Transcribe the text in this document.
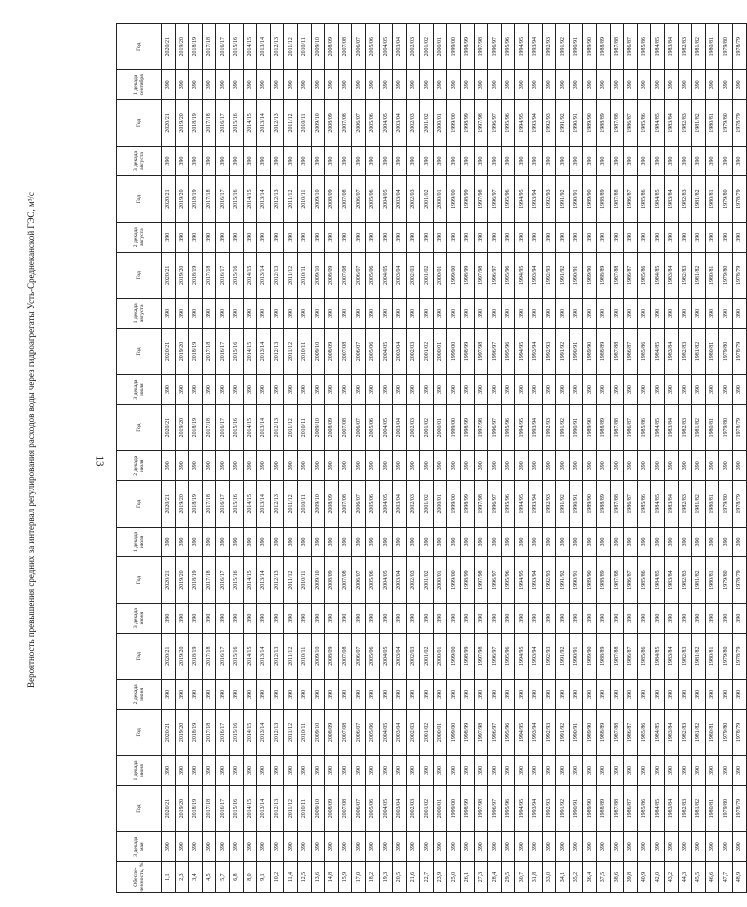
13
Вероятность превышения средних за интервал регулирования расходов воды через гидроагрегаты Усть-Среднеканской ГЭС, м³/с
Обеспе-ченность, %	3 декада мая	Год	1 декада июня	Год	2 декада июня	Год	3 декада июня	Год	1 декада июля	Год	2 декада июля	Год	3 декада июля	Год	1 декада августа	Год	2 декада августа	Год	3 декада августа	Год	1 декада сентября	Год
1,1	390	2020/21	390	2020/21	390	2020/21	390	2020/21	390	2020/21	390	2020/21	390	2020/21	390	2020/21	390	2020/21	390	2020/21	390	2020/21
2,3	390	2019/20	390	2019/20	390	2019/20	390	2019/20	390	2019/20	390	2019/20	390	2019/20	390	2019/20	390	2019/20	390	2019/20	390	2019/20
3,4	390	2018/19	390	2018/19	390	2018/19	390	2018/19	390	2018/19	390	2018/19	390	2018/19	390	2018/19	390	2018/19	390	2018/19	390	2018/19
4,5	390	2017/18	390	2017/18	390	2017/18	390	2017/18	390	2017/18	390	2017/18	390	2017/18	390	2017/18	390	2017/18	390	2017/18	390	2017/18
5,7	390	2016/17	390	2016/17	390	2016/17	390	2016/17	390	2016/17	390	2016/17	390	2016/17	390	2016/17	390	2016/17	390	2016/17	390	2016/17
6,8	390	2015/16	390	2015/16	390	2015/16	390	2015/16	390	2015/16	390	2015/16	390	2015/16	390	2015/16	390	2015/16	390	2015/16	390	2015/16
8,0	390	2014/15	390	2014/15	390	2014/15	390	2014/15	390	2014/15	390	2014/15	390	2014/15	390	2014/15	390	2014/15	390	2014/15	390	2014/15
9,1	390	2013/14	390	2013/14	390	2013/14	390	2013/14	390	2013/14	390	2013/14	390	2013/14	390	2013/14	390	2013/14	390	2013/14	390	2013/14
10,2	390	2012/13	390	2012/13	390	2012/13	390	2012/13	390	2012/13	390	2012/13	390	2012/13	390	2012/13	390	2012/13	390	2012/13	390	2012/13
11,4	390	2011/12	390	2011/12	390	2011/12	390	2011/12	390	2011/12	390	2011/12	390	2011/12	390	2011/12	390	2011/12	390	2011/12	390	2011/12
12,5	390	2010/11	390	2010/11	390	2010/11	390	2010/11	390	2010/11	390	2010/11	390	2010/11	390	2010/11	390	2010/11	390	2010/11	390	2010/11
13,6	390	2009/10	390	2009/10	390	2009/10	390	2009/10	390	2009/10	390	2009/10	390	2009/10	390	2009/10	390	2009/10	390	2009/10	390	2009/10
14,8	390	2008/09	390	2008/09	390	2008/09	390	2008/09	390	2008/09	390	2008/09	390	2008/09	390	2008/09	390	2008/09	390	2008/09	390	2008/09
15,9	390	2007/08	390	2007/08	390	2007/08	390	2007/08	390	2007/08	390	2007/08	390	2007/08	390	2007/08	390	2007/08	390	2007/08	390	2007/08
17,0	390	2006/07	390	2006/07	390	2006/07	390	2006/07	390	2006/07	390	2006/07	390	2006/07	390	2006/07	390	2006/07	390	2006/07	390	2006/07
18,2	390	2005/06	390	2005/06	390	2005/06	390	2005/06	390	2005/06	390	2005/06	390	2005/06	390	2005/06	390	2005/06	390	2005/06	390	2005/06
19,3	390	2004/05	390	2004/05	390	2004/05	390	2004/05	390	2004/05	390	2004/05	390	2004/05	390	2004/05	390	2004/05	390	2004/05	390	2004/05
20,5	390	2003/04	390	2003/04	390	2003/04	390	2003/04	390	2003/04	390	2003/04	390	2003/04	390	2003/04	390	2003/04	390	2003/04	390	2003/04
21,6	390	2002/03	390	2002/03	390	2002/03	390	2002/03	390	2002/03	390	2002/03	390	2002/03	390	2002/03	390	2002/03	390	2002/03	390	2002/03
22,7	390	2001/02	390	2001/02	390	2001/02	390	2001/02	390	2001/02	390	2001/02	390	2001/02	390	2001/02	390	2001/02	390	2001/02	390	2001/02
23,9	390	2000/01	390	2000/01	390	2000/01	390	2000/01	390	2000/01	390	2000/01	390	2000/01	390	2000/01	390	2000/01	390	2000/01	390	2000/01
25,0	390	1999/00	390	1999/00	390	1999/00	390	1999/00	390	1999/00	390	1999/00	390	1999/00	390	1999/00	390	1999/00	390	1999/00	390	1999/00
26,1	390	1998/99	390	1998/99	390	1998/99	390	1998/99	390	1998/99	390	1998/99	390	1998/99	390	1998/99	390	1998/99	390	1998/99	390	1998/99
27,3	390	1997/98	390	1997/98	390	1997/98	390	1997/98	390	1997/98	390	1997/98	390	1997/98	390	1997/98	390	1997/98	390	1997/98	390	1997/98
28,4	390	1996/97	390	1996/97	390	1996/97	390	1996/97	390	1996/97	390	1996/97	390	1996/97	390	1996/97	390	1996/97	390	1996/97	390	1996/97
29,5	390	1995/96	390	1995/96	390	1995/96	390	1995/96	390	1995/96	390	1995/96	390	1995/96	390	1995/96	390	1995/96	390	1995/96	390	1995/96
30,7	390	1994/95	390	1994/95	390	1994/95	390	1994/95	390	1994/95	390	1994/95	390	1994/95	390	1994/95	390	1994/95	390	1994/95	390	1994/95
31,8	390	1993/94	390	1993/94	390	1993/94	390	1993/94	390	1993/94	390	1993/94	390	1993/94	390	1993/94	390	1993/94	390	1993/94	390	1993/94
33,0	390	1992/93	390	1992/93	390	1992/93	390	1992/93	390	1992/93	390	1992/93	390	1992/93	390	1992/93	390	1992/93	390	1992/93	390	1992/93
34,1	390	1991/92	390	1991/92	390	1991/92	390	1991/92	390	1991/92	390	1991/92	390	1991/92	390	1991/92	390	1991/92	390	1991/92	390	1991/92
35,2	390	1990/91	390	1990/91	390	1990/91	390	1990/91	390	1990/91	390	1990/91	390	1990/91	390	1990/91	390	1990/91	390	1990/91	390	1990/91
36,4	390	1989/90	390	1989/90	390	1989/90	390	1989/90	390	1989/90	390	1989/90	390	1989/90	390	1989/90	390	1989/90	390	1989/90	390	1989/90
37,5	390	1988/89	390	1988/89	390	1988/89	390	1988/89	390	1988/89	390	1988/89	390	1988/89	390	1988/89	390	1988/89	390	1988/89	390	1988/89
38,6	390	1987/88	390	1987/88	390	1987/88	390	1987/88	390	1987/88	390	1987/88	390	1987/88	390	1987/88	390	1987/88	390	1987/88	390	1987/88
39,8	390	1986/87	390	1986/87	390	1986/87	390	1986/87	390	1986/87	390	1986/87	390	1986/87	390	1986/87	390	1986/87	390	1986/87	390	1986/87
40,9	390	1985/86	390	1985/86	390	1985/86	390	1985/86	390	1985/86	390	1985/86	390	1985/86	390	1985/86	390	1985/86	390	1985/86	390	1985/86
42,0	390	1984/85	390	1984/85	390	1984/85	390	1984/85	390	1984/85	390	1984/85	390	1984/85	390	1984/85	390	1984/85	390	1984/85	390	1984/85
43,2	390	1983/84	390	1983/84	390	1983/84	390	1983/84	390	1983/84	390	1983/84	390	1983/84	390	1983/84	390	1983/84	390	1983/84	390	1983/84
44,3	390	1982/83	390	1982/83	390	1982/83	390	1982/83	390	1982/83	390	1982/83	390	1982/83	390	1982/83	390	1982/83	390	1982/83	390	1982/83
45,5	390	1981/82	390	1981/82	390	1981/82	390	1981/82	390	1981/82	390	1981/82	390	1981/82	390	1981/82	390	1981/82	390	1981/82	390	1981/82
46,6	390	1980/81	390	1980/81	390	1980/81	390	1980/81	390	1980/81	390	1980/81	390	1980/81	390	1980/81	390	1980/81	390	1980/81	390	1980/81
47,7	390	1979/80	390	1979/80	390	1979/80	390	1979/80	390	1979/80	390	1979/80	390	1979/80	390	1979/80	390	1979/80	390	1979/80	390	1979/80
48,9	390	1978/79	390	1978/79	390	1978/79	390	1978/79	390	1978/79	390	1978/79	390	1978/79	390	1978/79	390	1978/79	390	1978/79	390	1978/79
